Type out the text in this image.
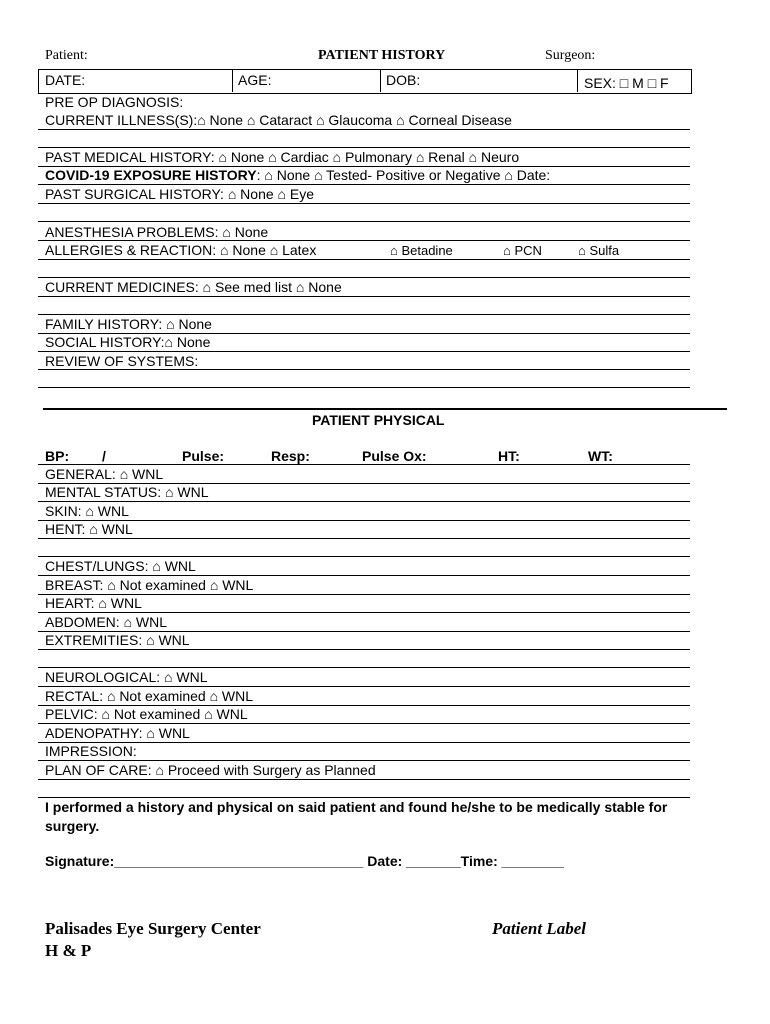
Patient:	PATIENT HISTORY	Surgeon:
DATE:	AGE:	DOB:	SEX: □ M □ F
PRE OP DIAGNOSIS:
CURRENT ILLNESS(S):⌂ None ⌂ Cataract ⌂ Glaucoma ⌂ Corneal Disease
PAST MEDICAL HISTORY: ⌂ None ⌂ Cardiac ⌂ Pulmonary ⌂ Renal ⌂ Neuro
COVID-19 EXPOSURE HISTORY: ⌂ None ⌂ Tested- Positive or Negative ⌂ Date:
PAST SURGICAL HISTORY: ⌂ None ⌂ Eye
ANESTHESIA PROBLEMS: ⌂ None
ALLERGIES & REACTION: ⌂ None ⌂ Latex	⌂ Betadine	⌂ PCN	⌂ Sulfa
CURRENT MEDICINES: ⌂ See med list ⌂ None
FAMILY HISTORY: ⌂ None
SOCIAL HISTORY:⌂ None
REVIEW OF SYSTEMS:
PATIENT PHYSICAL
BP: /	Pulse:	Resp:	Pulse Ox:	HT:	WT:
GENERAL: ⌂ WNL
MENTAL STATUS: ⌂ WNL
SKIN: ⌂ WNL
HENT: ⌂ WNL
CHEST/LUNGS: ⌂ WNL
BREAST: ⌂ Not examined ⌂ WNL
HEART: ⌂ WNL
ABDOMEN: ⌂ WNL
EXTREMITIES: ⌂ WNL
NEUROLOGICAL: ⌂ WNL
RECTAL: ⌂ Not examined ⌂ WNL
PELVIC: ⌂ Not examined ⌂ WNL
ADENOPATHY: ⌂ WNL
IMPRESSION:
PLAN OF CARE: ⌂ Proceed with Surgery as Planned
I performed a history and physical on said patient and found he/she to be medically stable for
surgery.
Signature:________________________________ Date: _______Time: ________
Palisades Eye Surgery Center
H & P
Patient Label
